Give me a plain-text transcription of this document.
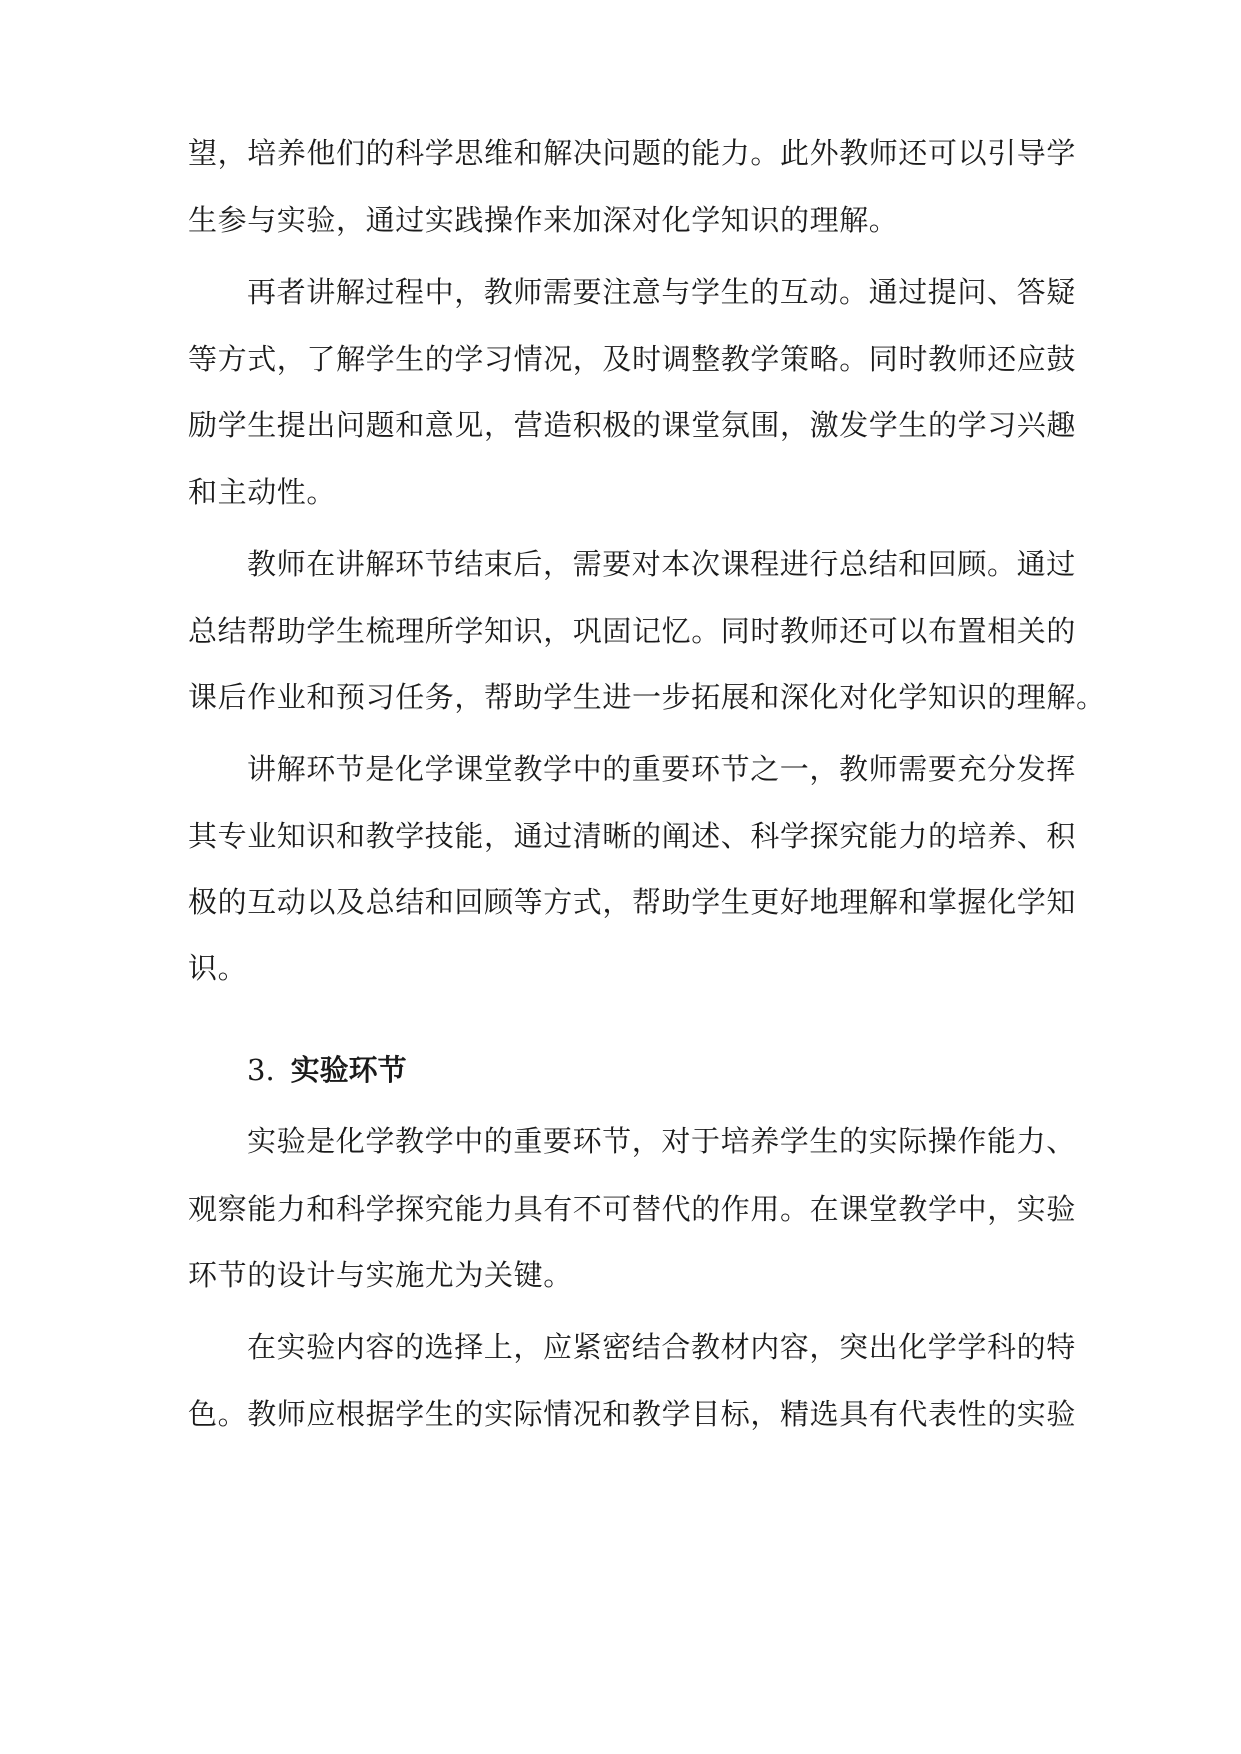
望，培养他们的科学思维和解决问题的能力。此外教师还可以引导学
生参与实验，通过实践操作来加深对化学知识的理解。
再者讲解过程中，教师需要注意与学生的互动。通过提问、答疑
等方式，了解学生的学习情况，及时调整教学策略。同时教师还应鼓
励学生提出问题和意见，营造积极的课堂氛围，激发学生的学习兴趣
和主动性。
教师在讲解环节结束后，需要对本次课程进行总结和回顾。通过
总结帮助学生梳理所学知识，巩固记忆。同时教师还可以布置相关的
课后作业和预习任务，帮助学生进一步拓展和深化对化学知识的理解。
讲解环节是化学课堂教学中的重要环节之一，教师需要充分发挥
其专业知识和教学技能，通过清晰的阐述、科学探究能力的培养、积
极的互动以及总结和回顾等方式，帮助学生更好地理解和掌握化学知
识。
3. 实验环节
实验是化学教学中的重要环节，对于培养学生的实际操作能力、
观察能力和科学探究能力具有不可替代的作用。在课堂教学中，实验
环节的设计与实施尤为关键。
在实验内容的选择上，应紧密结合教材内容，突出化学学科的特
色。教师应根据学生的实际情况和教学目标，精选具有代表性的实验
